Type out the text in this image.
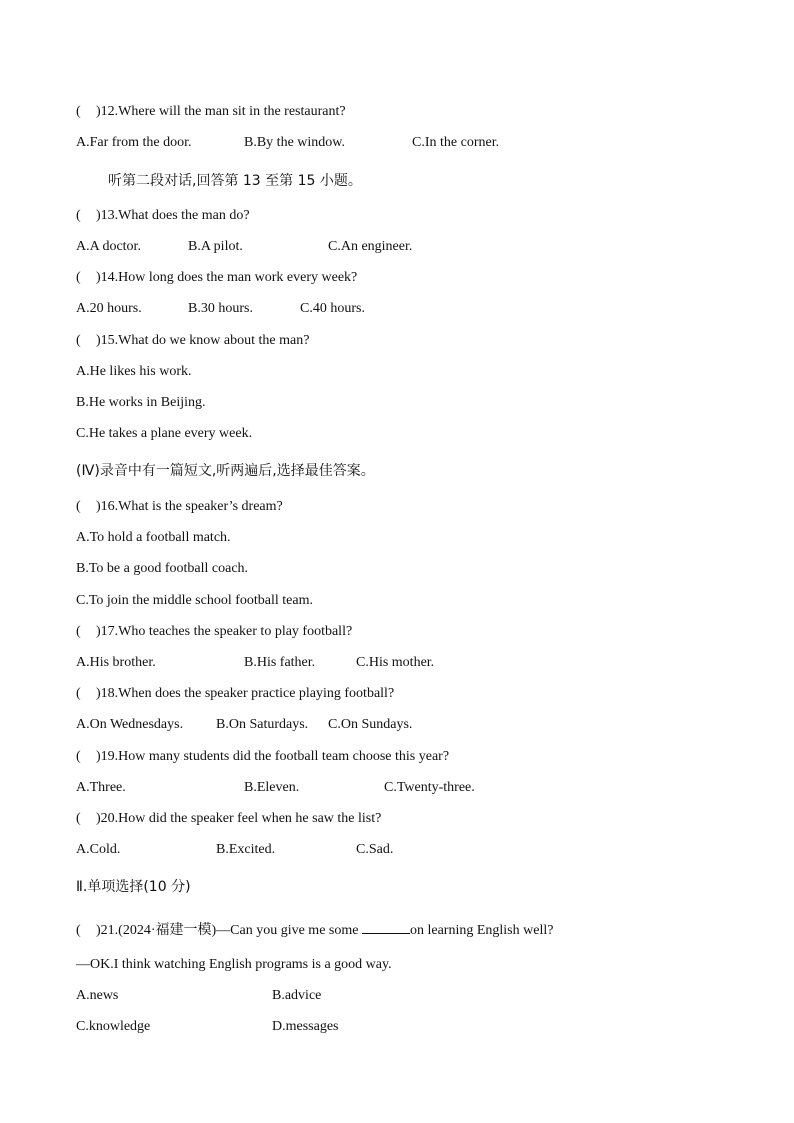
( )12.Where will the man sit in the restaurant?
A.Far from the door.	B.By the window.	C.In the corner.
听第二段对话,回答第 13 至第 15 小题。
( )13.What does the man do?
A.A doctor.	B.A pilot.	C.An engineer.
( )14.How long does the man work every week?
A.20 hours.	B.30 hours.	C.40 hours.
( )15.What do we know about the man?
A.He likes his work.
B.He works in Beijing.
C.He takes a plane every week.
(Ⅳ)录音中有一篇短文,听两遍后,选择最佳答案。
( )16.What is the speaker’s dream?
A.To hold a football match.
B.To be a good football coach.
C.To join the middle school football team.
( )17.Who teaches the speaker to play football?
A.His brother.	B.His father.	C.His mother.
( )18.When does the speaker practice playing football?
A.On Wednesdays. B.On Saturdays. C.On Sundays.
( )19.How many students did the football team choose this year?
A.Three.	B.Eleven.	C.Twenty-three.
( )20.How did the speaker feel when he saw the list?
A.Cold.	B.Excited.	C.Sad.
Ⅱ.单项选择(10 分)
( )21.(2024·福建一模)—Can you give me some	on learning English well?
—OK.I think watching English programs is a good way.
A.news	B.advice
C.knowledge	D.messages
